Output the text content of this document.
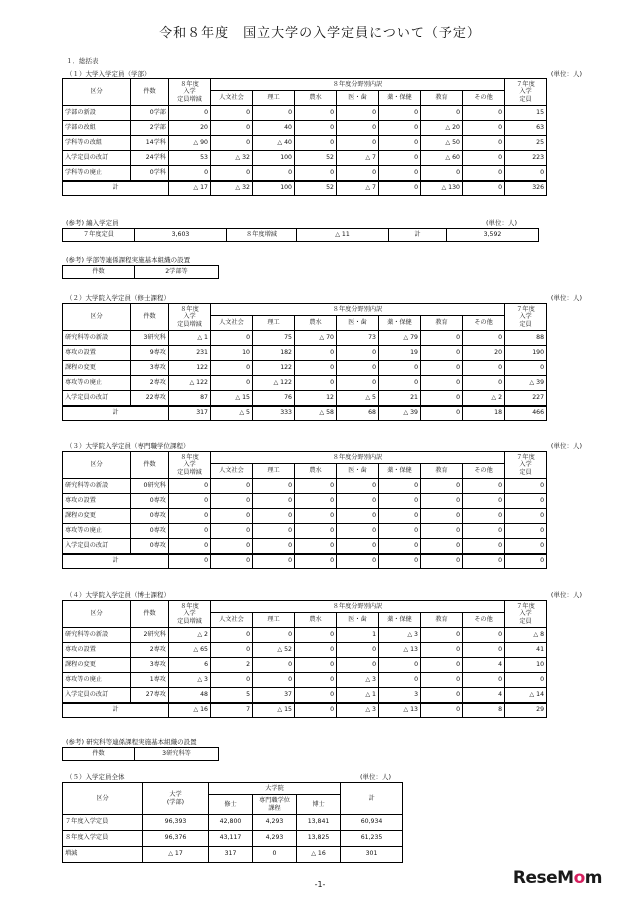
令和８年度　国立大学の入学定員について（予定）
１．総括表
（１）大学入学定員（学部）	(単位：人)
区分	件数	８年度
入学
定員増減	８年度分野別内訳							７年度
入学
定員
			人文社会	理工	農水	医・歯	薬・保健	教育	その他	
学部の新設	0学部	0	0	0	0	0	0	0	0	15
学部の改組	2学部	20	0	40	0	0	0	△ 20	0	63
学科等の改組	14学科	△ 90	0	△ 40	0	0	0	△ 50	0	25
入学定員の改訂	24学科	53	△ 32	100	52	△ 7	0	△ 60	0	223
学科等の廃止	0学科	0	0	0	0	0	0	0	0	0
計		△ 17	△ 32	100	52	△ 7	0	△ 130	0	326
(参考) 編入学定員	(単位：人)
７年度定員	3,603	８年度増減	△ 11	計	3,592
(参考) 学部等連係課程実施基本組織の設置
件数	2学部等
（２）大学院入学定員（修士課程）	(単位：人)
区分	件数	８年度
入学
定員増減	８年度分野別内訳							７年度
入学
定員
			人文社会	理工	農水	医・歯	薬・保健	教育	その他	
研究科等の新設	3研究科	△ 1	0	75	△ 70	73	△ 79	0	0	88
専攻の設置	9専攻	231	10	182	0	0	19	0	20	190
課程の変更	3専攻	122	0	122	0	0	0	0	0	0
専攻等の廃止	2専攻	△ 122	0	△ 122	0	0	0	0	0	△ 39
入学定員の改訂	22専攻	87	△ 15	76	12	△ 5	21	0	△ 2	227
計		317	△ 5	333	△ 58	68	△ 39	0	18	466
（３）大学院入学定員（専門職学位課程）	(単位：人)
区分	件数	８年度
入学
定員増減	８年度分野別内訳							７年度
入学
定員
			人文社会	理工	農水	医・歯	薬・保健	教育	その他	
研究科等の新設	0研究科	0	0	0	0	0	0	0	0	0
専攻の設置	0専攻	0	0	0	0	0	0	0	0	0
課程の変更	0専攻	0	0	0	0	0	0	0	0	0
専攻等の廃止	0専攻	0	0	0	0	0	0	0	0	0
入学定員の改訂	0専攻	0	0	0	0	0	0	0	0	0
計		0	0	0	0	0	0	0	0	0
（４）大学院入学定員（博士課程）	(単位：人)
区分	件数	８年度
入学
定員増減	８年度分野別内訳							７年度
入学
定員
			人文社会	理工	農水	医・歯	薬・保健	教育	その他	
研究科等の新設	2研究科	△ 2	0	0	0	1	△ 3	0	0	△ 8
専攻の設置	2専攻	△ 65	0	△ 52	0	0	△ 13	0	0	41
課程の変更	3専攻	6	2	0	0	0	0	0	4	10
専攻等の廃止	1専攻	△ 3	0	0	0	△ 3	0	0	0	0
入学定員の改訂	27専攻	48	5	37	0	△ 1	3	0	4	△ 14
計		△ 16	7	△ 15	0	△ 3	△ 13	0	8	29
(参考) 研究科等連係課程実施基本組織の設置
件数	3研究科等
（５）入学定員全体	(単位：人)
区分	大学
(学部)	大学院			計
		修士	専門職学位
課程	博士	
７年度入学定員	96,393	42,800	4,293	13,841	60,934
８年度入学定員	96,376	43,117	4,293	13,825	61,235
増減	△ 17	317	0	△ 16	301
-1-	ReseMom
